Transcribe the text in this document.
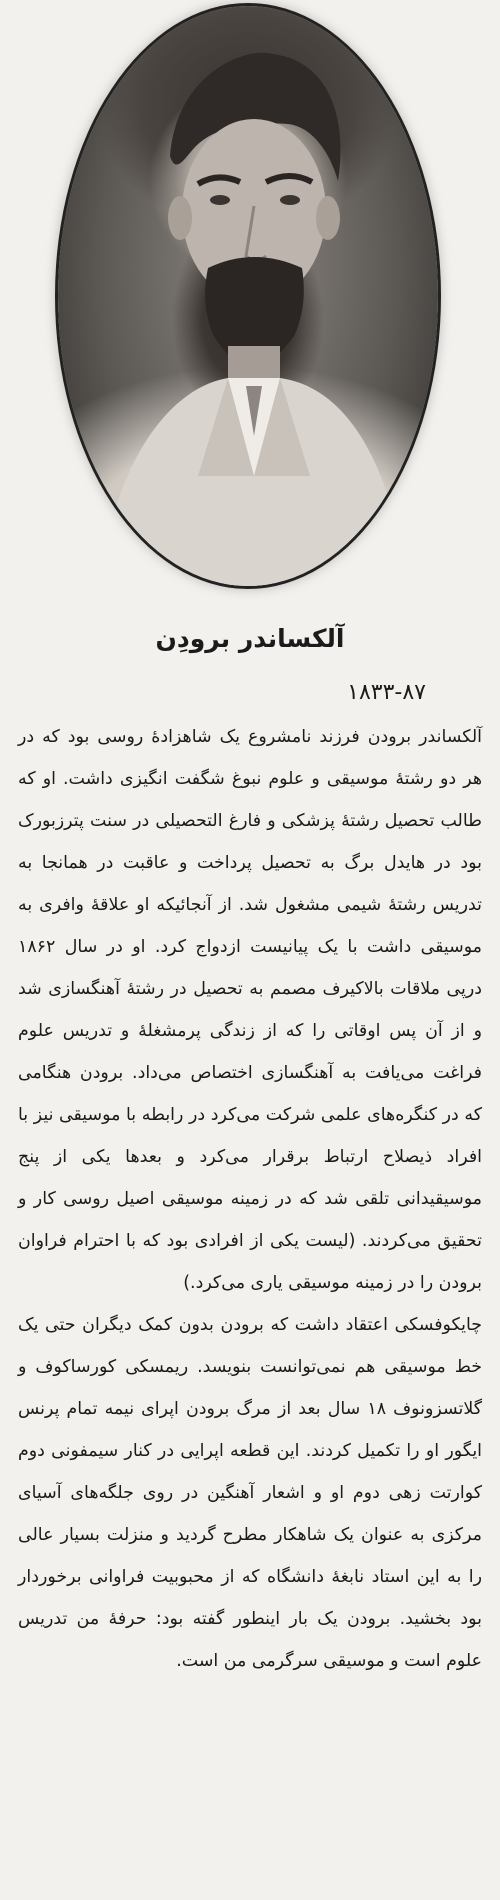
آلکساندر برودِن
۱۸۳۳-۸۷

آلکساندر برودن فرزند نامشروع یک شاهزادهٔ روسی بود که در هر دو رشتهٔ موسیقی و علوم نبوغ شگفت انگیزی داشت. او که طالب تحصیل رشتهٔ پزشکی و فارغ التحصیلی در سنت پترزبورک بود در هایدل برگ به تحصیل پرداخت و عاقبت در همانجا به تدریس رشتهٔ شیمی مشغول شد. از آنجائیکه او علاقهٔ وافری به موسیقی داشت با یک پیانیست ازدواج کرد. او در سال ۱۸۶۲ درپی ملاقات بالاکیرف مصمم به تحصیل در رشتهٔ آهنگسازی شد و از آن پس اوقاتی را که از زندگی پرمشغلهٔ و تدریس علوم فراغت می‌یافت به آهنگسازی اختصاص می‌داد. برودن هنگامی که در کنگره‌های علمی شرکت می‌کرد در رابطه با موسیقی نیز با افراد ذیصلاح ارتباط برقرار می‌کرد و بعدها یکی از پنج موسیقیدانی تلقی شد که در زمینه موسیقی اصیل روسی کار و تحقیق می‌کردند. (لیست یکی از افرادی بود که با احترام فراوان برودن را در زمینه موسیقی یاری می‌کرد.)

چایکوفسکی اعتقاد داشت که برودن بدون کمک دیگران حتی یک خط موسیقی هم نمی‌توانست بنویسد. ریمسکی کورساکوف و گلاتسزونوف ۱۸ سال بعد از مرگ برودن اپرای نیمه تمام پرنس ایگور او را تکمیل کردند. این قطعه اپرایی در کنار سیمفونی دوم کوارتت زهی دوم او و اشعار آهنگین در روی جلگه‌های آسیای مرکزی به عنوان یک شاهکار مطرح گردید و منزلت بسیار عالی را به این استاد نابغهٔ دانشگاه که از محبوبیت فراوانی برخوردار بود بخشید. برودن یک بار اینطور گفته بود: حرفهٔ من تدریس علوم است و موسیقی سرگرمی من است.
